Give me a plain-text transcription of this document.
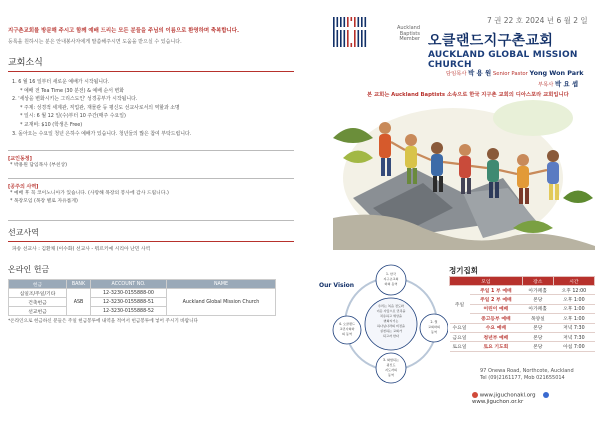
지구촌교회를 방문해 주시고 함께 예배 드리는 모든 분들을 주님의 이름으로 환영하며 축복합니다.
등록을 원하시는 분은 안내봉사자에게 말씀해주시면 도움을 받으실 수 있습니다.
교회소식
1. 6 월 16 일부터 새로운 예배가 시작됩니다.
* 예배 전 Tea Time (30 분전) & 예배 순서 변화
2. '세상을 변화시키는 그리스도인' 성경공부가 시작됩니다.
* 주제: 성경적 세계관, 직업관, 재물관 등 평신도 선교사로서의 역할과 소명
* 일시: 6 월 12 일(수)부터 10 주간(매주 수요일)
* 교재비: $10 (학생은 Free)
3. 돌아오는 수요일 청년 은하수 예배가 있습니다. 청년들의 많은 참여 부탁드립니다.
[교인동정]
* 박용원 담임목사 (부친상)
[공주의 사역]
* 예배 후 꼭 코이노니아가 있습니다. (사랑해 목장의 봉사에 감사 드립니다.)
* 목장모임 (목장 별로 자유롭게)
선교사역
파송 선교사 : 김환채 (이수화) 선교사 - 뭐르키예 시리아 난민 사역
온라인 헌금
헌금	BANK	ACCOUNT NO.	NAME
십일조/주일/기타	ASB	12-3230-0155888-00	Auckland Global Mission Church
건축헌금		12-3230-0155888-51	
선교헌금		12-3230-0155888-52	
*온라인으로 헌금하신 분들은 주일 헌금봉투에 내역을 적어서 헌금봉투에 넣어 주시기 바랍니다
7 권 22 호 2024 년 6 월 2 일
Auckland
Baptists
Member 오클랜드지구촌교회
AUCKLAND GLOBAL MISSION CHURCH
담임목사 박 용 원 Senior Pastor Yong Won Park
부목사 박 요 셉
본 교회는 Auckland Baptists 소속으로 한국 지구촌 교회의 디아스포라 교회입니다
Our Vision
우리는 복음 전도와
이웃 사랑으로 민족을
치유하고 세상을
변화시키는
하나님나라의 비전을
실천하는 교회가
되고자 한다
1. 한국
지구촌교회
와의 동역
2. 열
교회와의
동역
3. 화합되는
평신도
지도자의
동역
4. 오클랜드
교민사회와
의 동역
정기집회
모임		장소	시간
주일	주일 1 부 예배	아가페홀	오후 12:00
	주일 2 부 예배	본당	오후 1:00
	어린이 예배	아가페홀	오후 1:00
	중고등부 예배	목양실	오후 1:00
수요일	수요 예배	본당	저녁 7:30
금요일	청년부 예배	본당	저녁 7:30
토요일	토요 기도회	본당	아침 7:00
97 Onewa Road, Northcote, Auckland
Tel (09)2161177, Mob 021655014
www.jiguchonakl.org  www.jiguchon.or.kr
